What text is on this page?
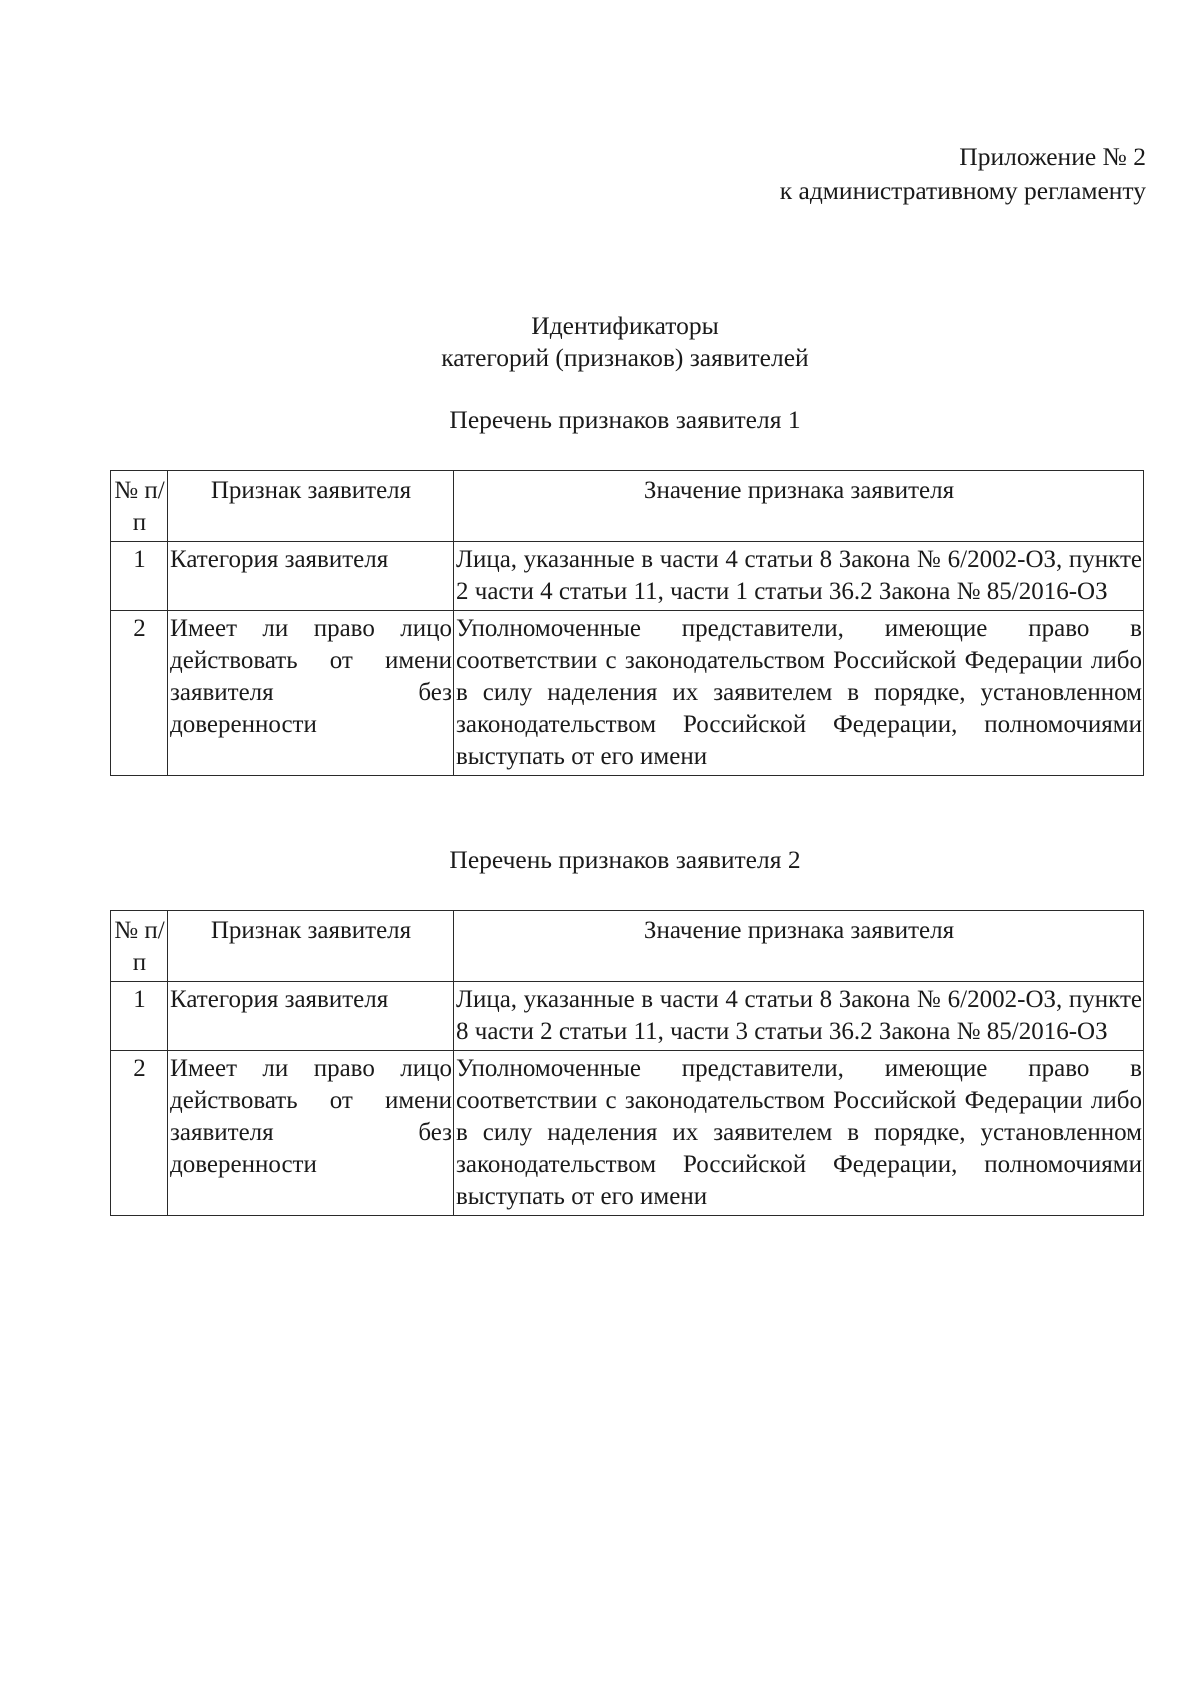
Приложение № 2
к административному регламенту
Идентификаторы
категорий (признаков) заявителей
Перечень признаков заявителя 1
№ п/п	Признак заявителя	Значение признака заявителя
1	Категория заявителя	Лица, указанные в части 4 статьи 8 Закона № 6/2002-ОЗ, пункте 2 части 4 статьи 11, части 1 статьи 36.2 Закона № 85/2016-ОЗ
2	Имеет ли право лицо действовать от имени заявителя без доверенности	Уполномоченные представители, имеющие право в соответствии с законодательством Российской Федерации либо в силу наделения их заявителем в порядке, установленном законодательством Российской Федерации, полномочиями выступать от его имени
Перечень признаков заявителя 2
№ п/п	Признак заявителя	Значение признака заявителя
1	Категория заявителя	Лица, указанные в части 4 статьи 8 Закона № 6/2002-ОЗ, пункте 8 части 2 статьи 11, части 3 статьи 36.2 Закона № 85/2016-ОЗ
2	Имеет ли право лицо действовать от имени заявителя без доверенности	Уполномоченные представители, имеющие право в соответствии с законодательством Российской Федерации либо в силу наделения их заявителем в порядке, установленном законодательством Российской Федерации, полномочиями выступать от его имени
